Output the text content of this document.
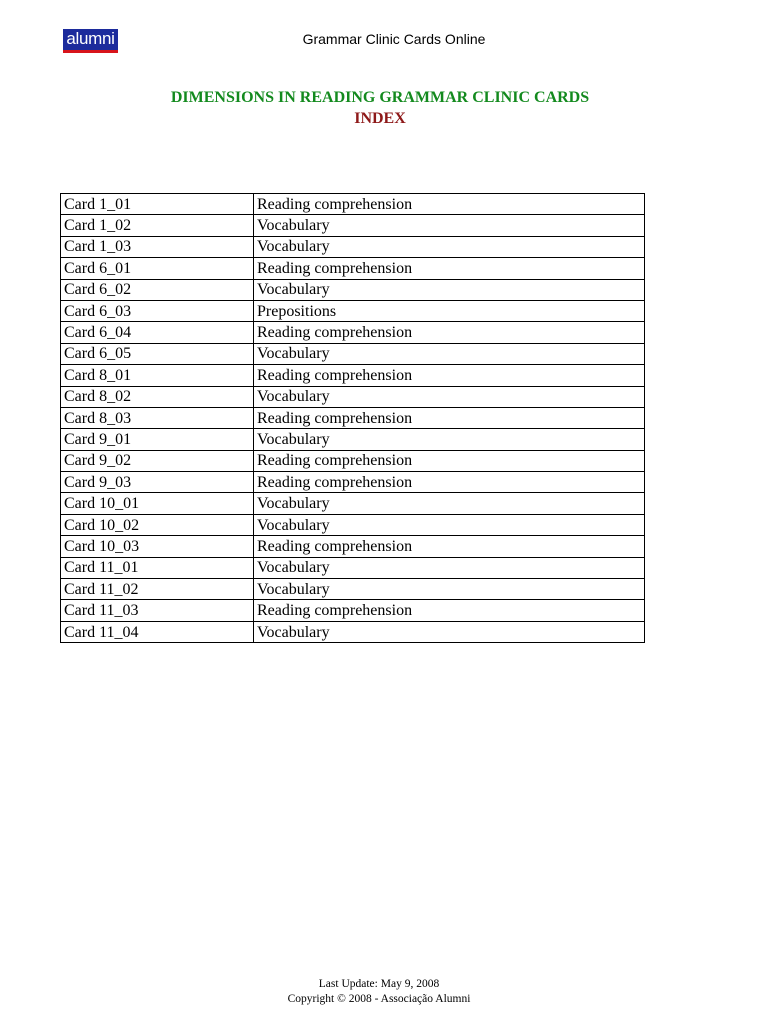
alumni	Grammar Clinic Cards Online
DIMENSIONS IN READING GRAMMAR CLINIC CARDS
INDEX
Card 1_01	Reading comprehension
Card 1_02	Vocabulary
Card 1_03	Vocabulary
Card 6_01	Reading comprehension
Card 6_02	Vocabulary
Card 6_03	Prepositions
Card 6_04	Reading comprehension
Card 6_05	Vocabulary
Card 8_01	Reading comprehension
Card 8_02	Vocabulary
Card 8_03	Reading comprehension
Card 9_01	Vocabulary
Card 9_02	Reading comprehension
Card 9_03	Reading comprehension
Card 10_01	Vocabulary
Card 10_02	Vocabulary
Card 10_03	Reading comprehension
Card 11_01	Vocabulary
Card 11_02	Vocabulary
Card 11_03	Reading comprehension
Card 11_04	Vocabulary
Last Update: May 9, 2008
Copyright © 2008 - Associação Alumni
